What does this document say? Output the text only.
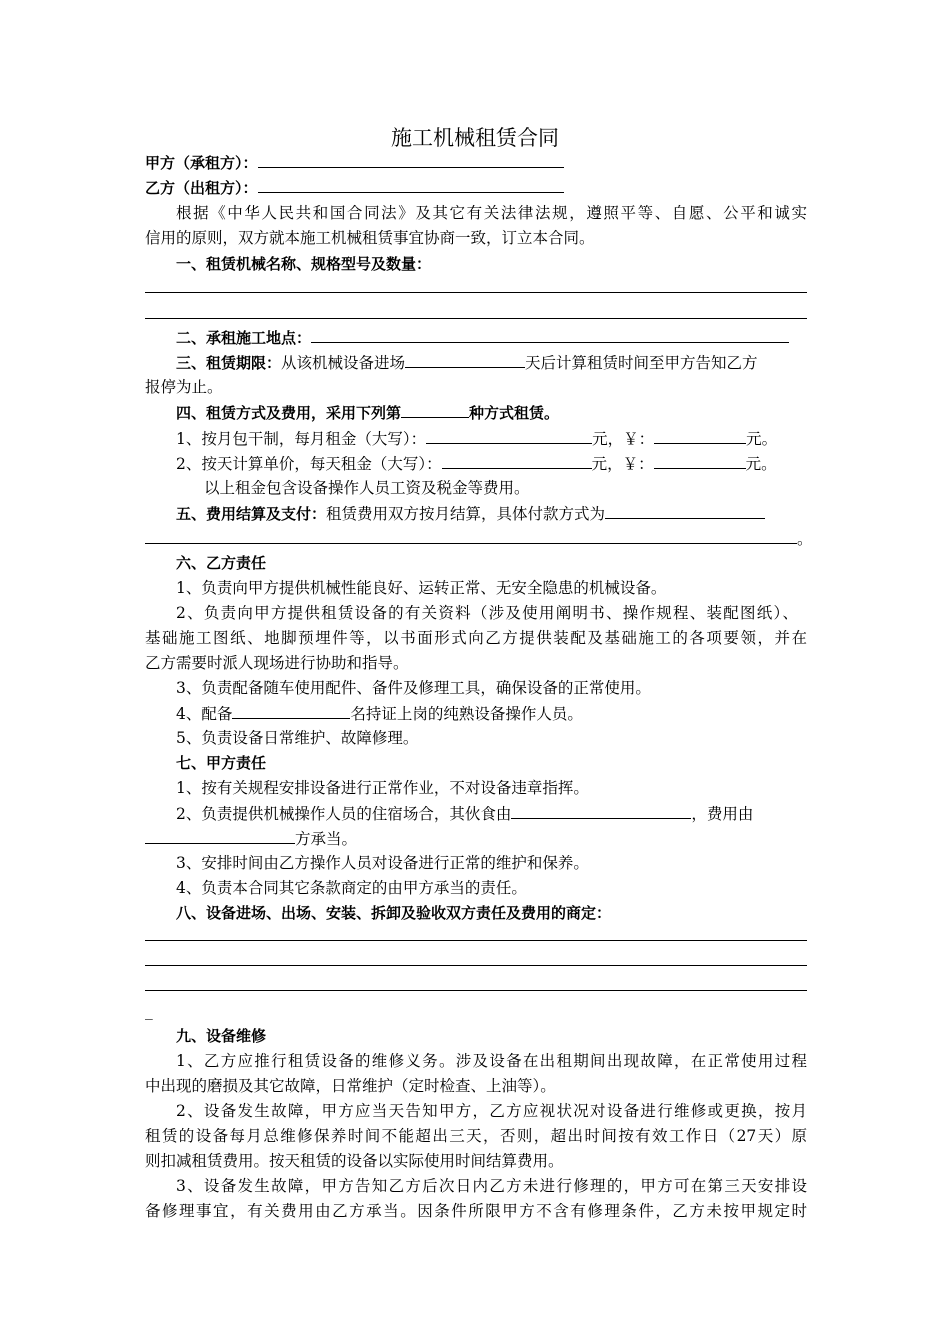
施工机械租赁合同
甲方（承租方）：
乙方（出租方）：
根据《中华人民共和国合同法》及其它有关法律法规，遵照平等、自愿、公平和诚实
信用的原则，双方就本施工机械租赁事宜协商一致，订立本合同。
一、租赁机械名称、规格型号及数量：
二、承租施工地点：
三、租赁期限：从该机械设备进场	天后计算租赁时间至甲方告知乙方
报停为止。
四、租赁方式及费用，采用下列第	种方式租赁。
1、按月包干制，每月租金（大写）：	元，￥：	元。
2、按天计算单价，每天租金（大写）：	元，￥：	元。
以上租金包含设备操作人员工资及税金等费用。
五、费用结算及支付：租赁费用双方按月结算，具体付款方式为
。
六、乙方责任
1、负责向甲方提供机械性能良好、运转正常、无安全隐患的机械设备。
2、负责向甲方提供租赁设备的有关资料（涉及使用阐明书、操作规程、装配图纸）、
基础施工图纸、地脚预埋件等，以书面形式向乙方提供装配及基础施工的各项要领，并在
乙方需要时派人现场进行协助和指导。
3、负责配备随车使用配件、备件及修理工具，确保设备的正常使用。
4、配备	名持证上岗的纯熟设备操作人员。
5、负责设备日常维护、故障修理。
七、甲方责任
1、按有关规程安排设备进行正常作业，不对设备违章指挥。
2、负责提供机械操作人员的住宿场合，其伙食由	，费用由
方承当。
3、安排时间由乙方操作人员对设备进行正常的维护和保养。
4、负责本合同其它条款商定的由甲方承当的责任。
八、设备进场、出场、安装、拆卸及验收双方责任及费用的商定：
_
九、设备维修
1、乙方应推行租赁设备的维修义务。涉及设备在出租期间出现故障，在正常使用过程
中出现的磨损及其它故障，日常维护（定时检查、上油等）。
2、设备发生故障，甲方应当天告知甲方，乙方应视状况对设备进行维修或更换，按月
租赁的设备每月总维修保养时间不能超出三天，否则，超出时间按有效工作日（27天）原
则扣减租赁费用。按天租赁的设备以实际使用时间结算费用。
3、设备发生故障，甲方告知乙方后次日内乙方未进行修理的，甲方可在第三天安排设
备修理事宜，有关费用由乙方承当。因条件所限甲方不含有修理条件，乙方未按甲规定时
